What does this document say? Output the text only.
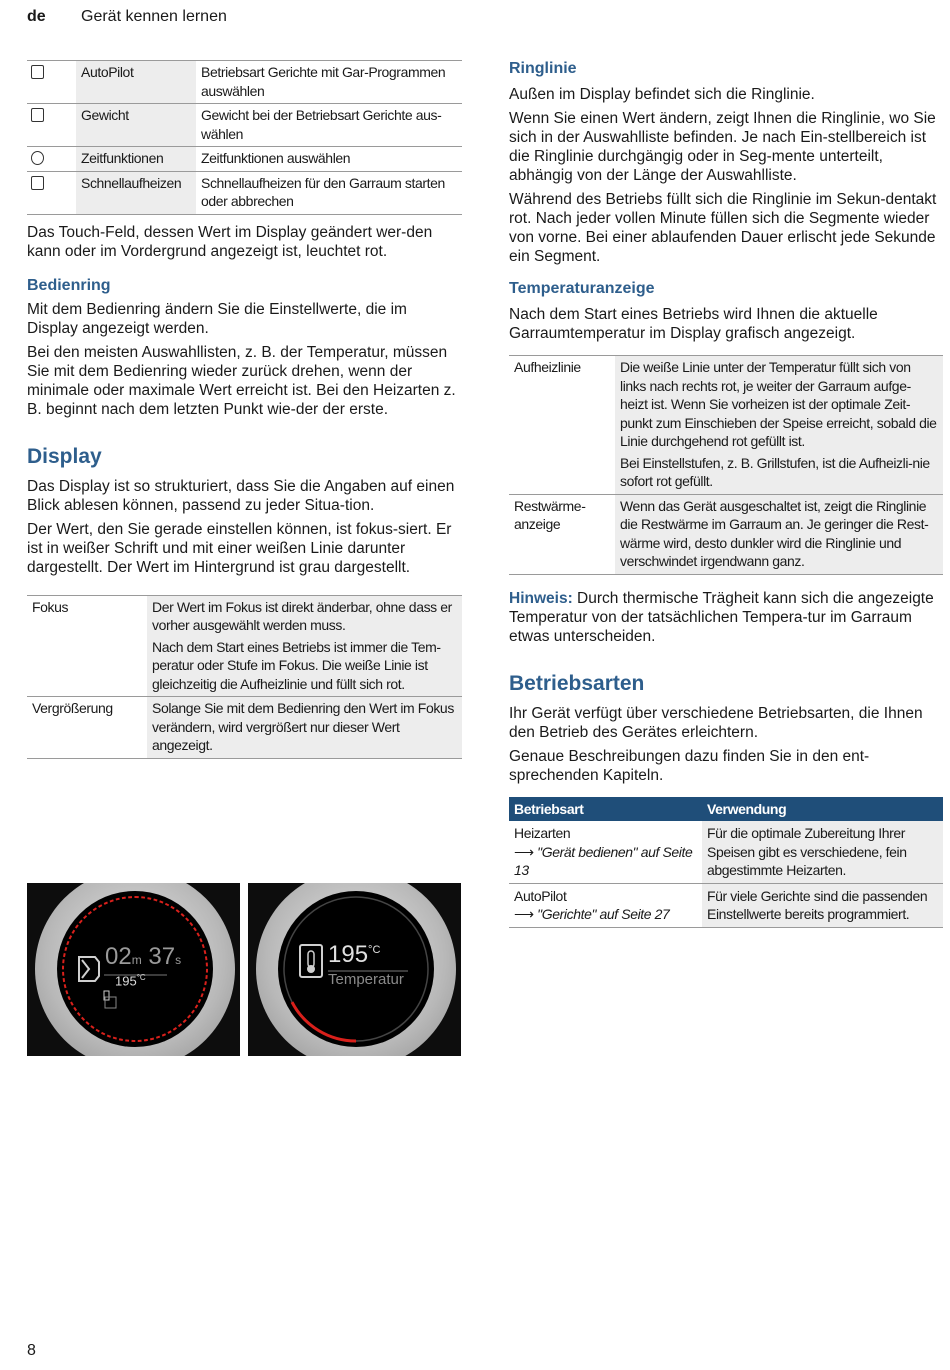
de Gerät kennen lernen
	AutoPilot	Betriebsart Gerichte mit Gar-Programmen auswählen
	Gewicht	Gewicht bei der Betriebsart Gerichte aus-wählen
	Zeitfunktionen	Zeitfunktionen auswählen
	Schnellaufheizen	Schnellaufheizen für den Garraum starten oder abbrechen

Das Touch-Feld, dessen Wert im Display geändert wer-den kann oder im Vordergrund angezeigt ist, leuchtet rot.

Bedienring

Mit dem Bedienring ändern Sie die Einstellwerte, die im Display angezeigt werden.

Bei den meisten Auswahllisten, z. B. der Temperatur, müssen Sie mit dem Bedienring wieder zurück drehen, wenn der minimale oder maximale Wert erreicht ist. Bei den Heizarten z. B. beginnt nach dem letzten Punkt wie-der der erste.

Display

Das Display ist so strukturiert, dass Sie die Angaben auf einen Blick ablesen können, passend zu jeder Situa-tion.

Der Wert, den Sie gerade einstellen können, ist fokus-siert. Er ist in weißer Schrift und mit einer weißen Linie darunter dargestellt. Der Wert im Hintergrund ist grau dargestellt.

Fokus	Der Wert im Fokus ist direkt änderbar, ohne dass er vorher ausgewählt werden muss.
Nach dem Start eines Betriebs ist immer die Tem-peratur oder Stufe im Fokus. Die weiße Linie ist gleichzeitig die Aufheizlinie und füllt sich rot.

Vergrößerung	Solange Sie mit dem Bedienring den Wert im Fokus verändern, wird vergrößert nur dieser Wert angezeigt.
02m 37s
$195^{^\circ C}$
$195^{^\circ C}$
Temperatur
Ringlinie

Außen im Display befindet sich die Ringlinie.

Wenn Sie einen Wert ändern, zeigt Ihnen die Ringlinie, wo Sie sich in der Auswahlliste befinden. Je nach Ein-stellbereich ist die Ringlinie durchgängig oder in Seg-mente unterteilt, abhängig von der Länge der Auswahlliste.

Während des Betriebs füllt sich die Ringlinie im Sekun-dentakt rot. Nach jeder vollen Minute füllen sich die Segmente wieder von vorne. Bei einer ablaufenden Dauer erlischt jede Sekunde ein Segment.

Temperaturanzeige

Nach dem Start eines Betriebs wird Ihnen die aktuelle Garraumtemperatur im Display grafisch angezeigt.

Aufheizlinie	Die weiße Linie unter der Temperatur füllt sich von links nach rechts rot, je weiter der Garraum aufge-heizt ist. Wenn Sie vorheizen ist der optimale Zeit-punkt zum Einschieben der Speise erreicht, sobald die Linie durchgehend rot gefüllt ist.
Bei Einstellstufen, z. B. Grillstufen, ist die Aufheizli-nie sofort rot gefüllt.

Restwärme-anzeige	Wenn das Gerät ausgeschaltet ist, zeigt die Ringlinie die Restwärme im Garraum an. Je geringer die Rest-wärme wird, desto dunkler wird die Ringlinie und verschwindet irgendwann ganz.

Hinweis: Durch thermische Trägheit kann sich die angezeigte Temperatur von der tatsächlichen Tempera-tur im Garraum etwas unterscheiden.

Betriebsarten

Ihr Gerät verfügt über verschiedene Betriebsarten, die Ihnen den Betrieb des Gerätes erleichtern.

Genaue Beschreibungen dazu finden Sie in den ent-sprechenden Kapiteln.

Betriebsart	Verwendung

Heizarten
⟶ "Gerät bedienen" auf Seite 13	Für die optimale Zubereitung Ihrer Speisen gibt es verschiedene, fein abgestimmte Heizarten.

AutoPilot
⟶ "Gerichte" auf Seite 27	Für viele Gerichte sind die passenden Einstellwerte bereits programmiert.
8
